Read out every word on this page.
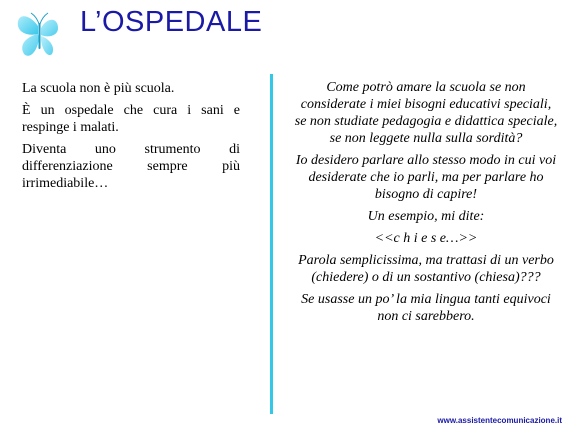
L’OSPEDALE

La scuola non è più scuola.

È un ospedale che cura i sani e respinge i malati.

Diventa uno strumento di differenziazione sempre più irrimediabile…

Come potrò amare la scuola se non considerate i miei bisogni educativi speciali, se non studiate pedagogia e didattica speciale, se non leggete nulla sulla sordità?

Io desidero parlare allo stesso modo in cui voi desiderate che io parli, ma per parlare ho bisogno di capire!

Un esempio, mi dite:

<<c h i e s e…>>

Parola semplicissima, ma trattasi di un verbo (chiedere) o di un sostantivo (chiesa)???

Se usasse un po’ la mia lingua tanti equivoci non ci sarebbero.

www.assistentecomunicazione.it
